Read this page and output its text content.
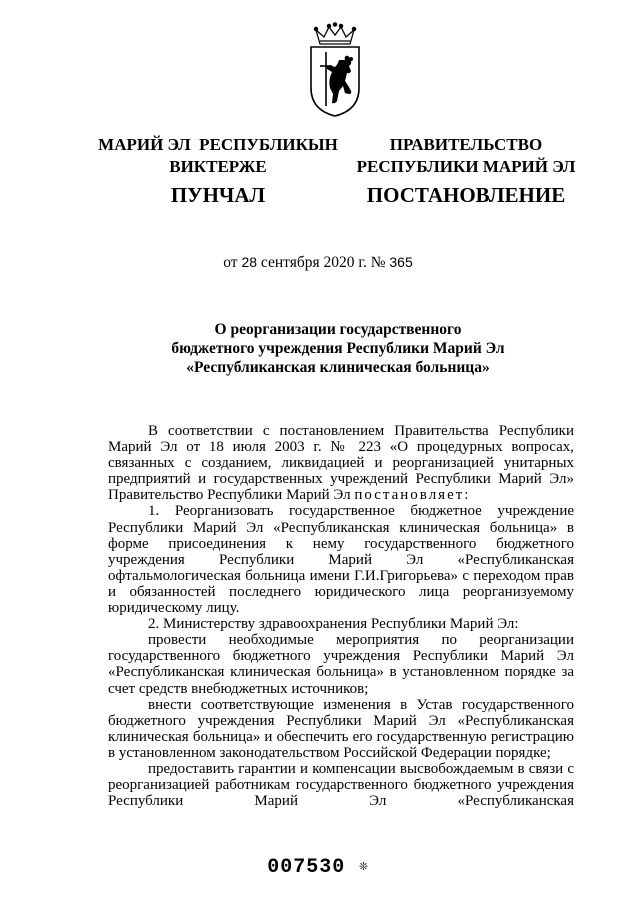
МАРИЙ ЭЛ  РЕСПУБЛИКЫН
ВИКТЕРЖЕ
ПУНЧАЛ
ПРАВИТЕЛЬСТВО
РЕСПУБЛИКИ МАРИЙ ЭЛ
ПОСТАНОВЛЕНИЕ
от 28 сентября 2020 г. № 365
О реорганизации государственного
бюджетного учреждения Республики Марий Эл
«Республиканская клиническая больница»

В соответствии с постановлением Правительства Республики Марий Эл от 18 июля 2003 г. № 223 «О процедурных вопросах, связанных с созданием, ликвидацией и реорганизацией унитарных предприятий и государственных учреждений Республики Марий Эл» Правительство Республики Марий Эл постановляет:

1. Реорганизовать государственное бюджетное учреждение Республики Марий Эл «Республиканская клиническая больница» в форме присоединения к нему государственного бюджетного учреждения Республики Марий Эл «Республиканская офтальмологическая больница имени Г.И.Григорьева» с переходом прав и обязанностей последнего юридического лица реорганизуемому юридическому лицу.

2. Министерству здравоохранения Республики Марий Эл:

провести необходимые мероприятия по реорганизации государственного бюджетного учреждения Республики Марий Эл «Республиканская клиническая больница» в установленном порядке за счет средств внебюджетных источников;

внести соответствующие изменения в Устав государственного бюджетного учреждения Республики Марий Эл «Республиканская клиническая больница» и обеспечить его государственную регистрацию в установленном законодательством Российской Федерации порядке;

предоставить гарантии и компенсации высвобождаемым в связи с реорганизацией работникам государственного бюджетного учреждения Республики Марий Эл «Республиканская

007530 ❊
